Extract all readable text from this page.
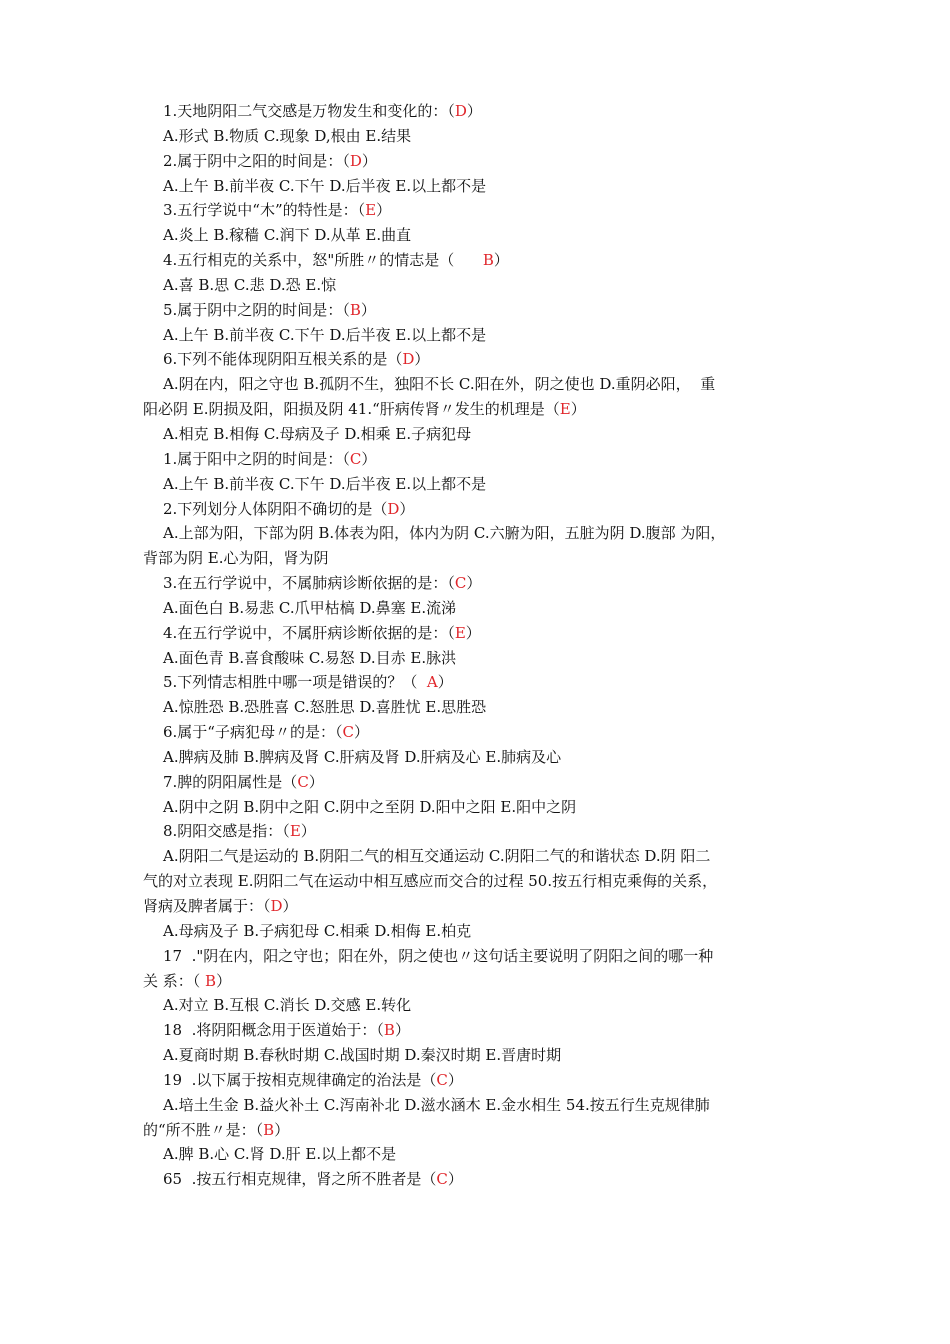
1.天地阴阳二气交感是万物发生和变化的：（D）
A.形式 B.物质 C.现象 D,根由 E.结果
2.属于阴中之阳的时间是：（D）
A.上午 B.前半夜 C.下午 D.后半夜 E.以上都不是
3.五行学说中“木”的特性是：（E）
A.炎上 B.稼穑 C.润下 D.从革 E.曲直
4.五行相克的关系中，怒"所胜〃的情志是（      B）
A.喜 B.思 C.悲 D.恐 E.惊
5.属于阴中之阴的时间是：（B）
A.上午 B.前半夜 C.下午 D.后半夜 E.以上都不是
6.下列不能体现阴阳互根关系的是（D）
A.阴在内，阳之守也 B.孤阴不生，独阳不长 C.阳在外，阴之使也 D.重阴必阳，  重
阳必阴 E.阴损及阳，阳损及阴 41.“肝病传肾〃发生的机理是（E）
A.相克 B.相侮 C.母病及子 D.相乘 E.子病犯母
1.属于阳中之阴的时间是：（C）
A.上午 B.前半夜 C.下午 D.后半夜 E.以上都不是
2.下列划分人体阴阳不确切的是（D）
A.上部为阳，下部为阴 B.体表为阳，体内为阴 C.六腑为阳，五脏为阴 D.腹部 为阳，
背部为阴 E.心为阳，肾为阴
3.在五行学说中，不属肺病诊断依据的是：（C）
A.面色白 B.易悲 C.爪甲枯槁 D.鼻塞 E.流涕
4.在五行学说中，不属肝病诊断依据的是：（E）
A.面色青 B.喜食酸味 C.易怒 D.目赤 E.脉洪
5.下列情志相胜中哪一项是错误的？（  A）
A.惊胜恐 B.恐胜喜 C.怒胜思 D.喜胜忧 E.思胜恐
6.属于“子病犯母〃的是：（C）
A.脾病及肺 B.脾病及肾 C.肝病及肾 D.肝病及心 E.肺病及心
7.脾的阴阳属性是（C）
A.阴中之阴 B.阴中之阳 C.阴中之至阴 D.阳中之阳 E.阳中之阴
8.阴阳交感是指：（E）
A.阴阳二气是运动的 B.阴阳二气的相互交通运动 C.阴阳二气的和谐状态 D.阴 阳二
气的对立表现 E.阴阳二气在运动中相互感应而交合的过程 50.按五行相克乘侮的关系，
肾病及脾者属于：（D）
A.母病及子 B.子病犯母 C.相乘 D.相侮 E.柏克
17  ."阴在内，阳之守也；阳在外，阴之使也〃这句话主要说明了阴阳之间的哪一种
关 系：（ B）
A.对立 B.互根 C.消长 D.交感 E.转化
18  .将阴阳概念用于医道始于：（B）
A.夏商时期 B.春秋时期 C.战国时期 D.秦汉时期 E.晋唐时期
19  .以下属于按相克规律确定的治法是（C）
A.培土生金 B.益火补土 C.泻南补北 D.滋水涵木 E.金水相生 54.按五行生克规律肺
的“所不胜〃是：（B）
A.脾 B.心 C.肾 D.肝 E.以上都不是
65  .按五行相克规律，肾之所不胜者是（C）
